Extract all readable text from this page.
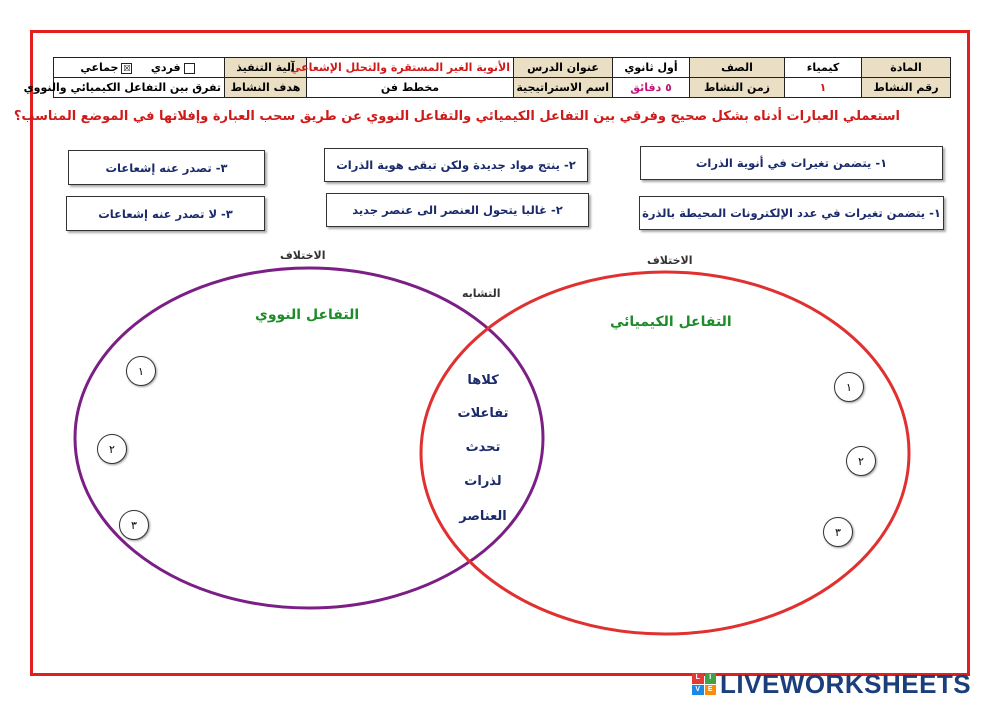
المادة	كيمياء	الصف	أول ثانوي	عنوان الدرس	الأنوية الغير المستقرة والتحلل الإشعاعي	آلية التنفيذ	فردي    ☒جماعي
رقم النشاط	١	زمن النشاط	٥ دقائق	اسم الاستراتيجية	مخطط فن	هدف النشاط	تفرق بين التفاعل الكيميائي والنووي
استعملي العبارات أدناه بشكل صحيح وفرقي بين التفاعل الكيميائي والتفاعل النووي عن طريق سحب العبارة وإفلاتها في الموضع المناسب؟
١- يتضمن تغيرات في أنوية الذرات
١- يتضمن تغيرات في عدد الإلكترونات المحيطة بالذرة
٢- ينتج مواد جديدة ولكن تبقى هوية الذرات
٢- غالبا يتحول العنصر الى عنصر جديد
٣- تصدر عنه إشعاعات
٣- لا تصدر عنه إشعاعات
الاختلاف	الاختلاف
التشابه
التفاعل النووي	التفاعل الكيميائي
كلاها
تفاعلات
تحدث
لذرات
العناصر
١
٢
٣
١
٢
٣
L	I
V	E LIVEWORKSHEETS
